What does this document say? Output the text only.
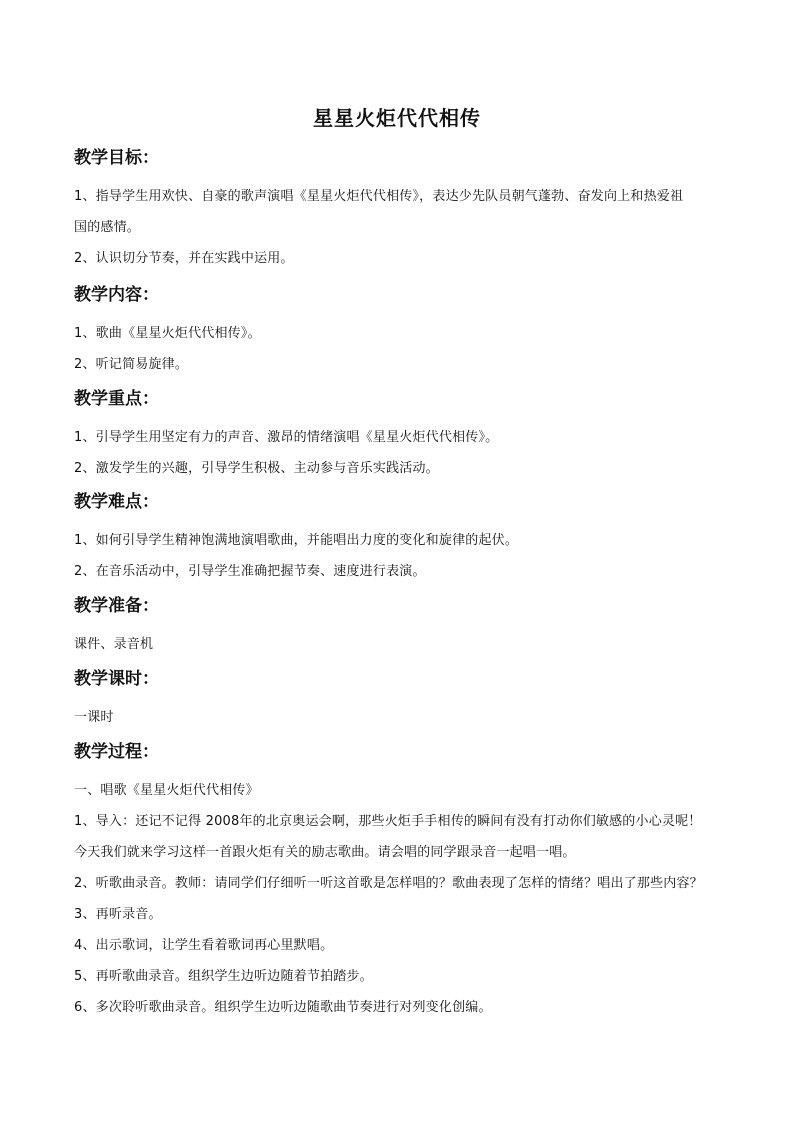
星星火炬代代相传
教学目标：
1、指导学生用欢快、自豪的歌声演唱《星星火炬代代相传》，表达少先队员朝气蓬勃、奋发向上和热爱祖
国的感情。
2、认识切分节奏，并在实践中运用。
教学内容：
1、歌曲《星星火炬代代相传》。
2、听记简易旋律。
教学重点：
1、引导学生用坚定有力的声音、激昂的情绪演唱《星星火炬代代相传》。
2、激发学生的兴趣，引导学生积极、主动参与音乐实践活动。
教学难点：
1、如何引导学生精神饱满地演唱歌曲，并能唱出力度的变化和旋律的起伏。
2、在音乐活动中，引导学生准确把握节奏、速度进行表演。
教学准备：
课件、录音机
教学课时：
一课时
教学过程：
一、唱歌《星星火炬代代相传》
1、导入：还记不记得 2008年的北京奥运会啊，那些火炬手手相传的瞬间有没有打动你们敏感的小心灵呢！
今天我们就来学习这样一首跟火炬有关的励志歌曲。请会唱的同学跟录音一起唱一唱。
2、听歌曲录音。教师：请同学们仔细听一听这首歌是怎样唱的？歌曲表现了怎样的情绪？唱出了那些内容？
3、再听录音。
4、出示歌词，让学生看着歌词再心里默唱。
5、再听歌曲录音。组织学生边听边随着节拍踏步。
6、多次聆听歌曲录音。组织学生边听边随歌曲节奏进行对列变化创编。
